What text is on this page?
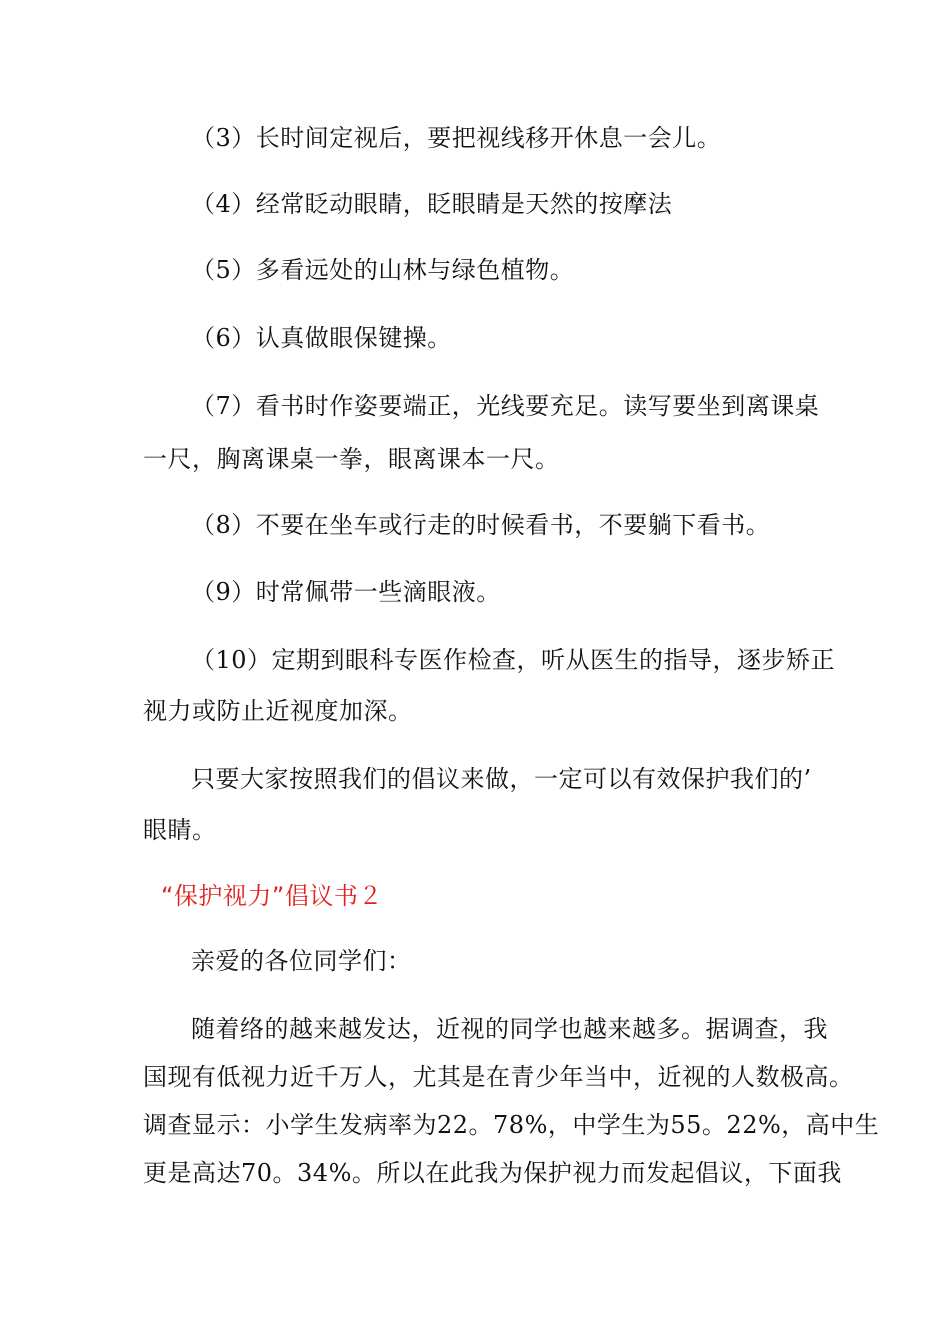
（3）长时间定视后，要把视线移开休息一会儿。
（4）经常眨动眼睛，眨眼睛是天然的按摩法
（5）多看远处的山林与绿色植物。
（6）认真做眼保键操。
（7）看书时作姿要端正，光线要充足。读写要坐到离课桌
一尺，胸离课桌一拳，眼离课本一尺。
（8）不要在坐车或行走的时候看书，不要躺下看书。
（9）时常佩带一些滴眼液。
（10）定期到眼科专医作检查，听从医生的指导，逐步矫正
视力或防止近视度加深。
只要大家按照我们的倡议来做，一定可以有效保护我们的’
眼睛。
“保护视力”倡议书２
亲爱的各位同学们：
随着络的越来越发达，近视的同学也越来越多。据调查，我
国现有低视力近千万人，尤其是在青少年当中，近视的人数极高。
调查显示：小学生发病率为22。78%，中学生为55。22%，高中生
更是高达70。34%。所以在此我为保护视力而发起倡议，下面我
